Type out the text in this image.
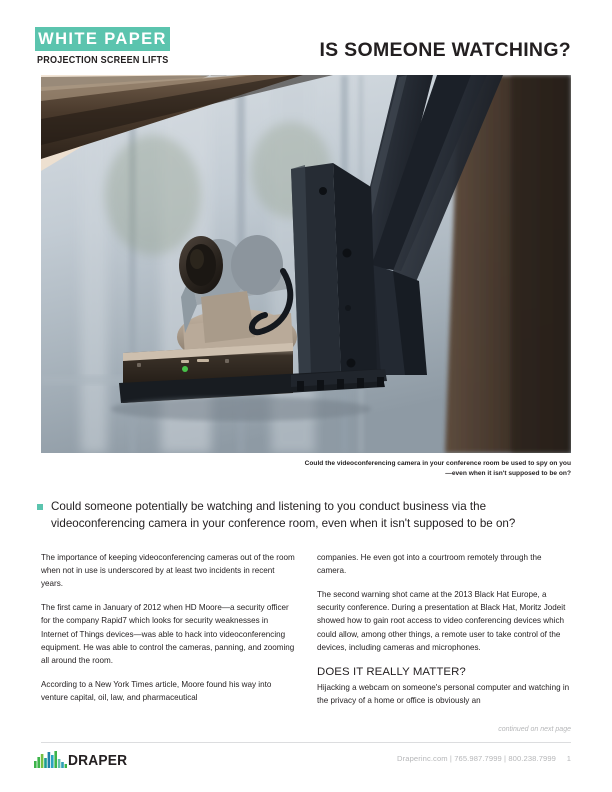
WHITE PAPER
PROJECTION SCREEN LIFTS	IS SOMEONE WATCHING?
Could the videoconferencing camera in your conference room be used to spy on you—even when it isn't supposed to be on?
Could someone potentially be watching and listening to you conduct business via the videoconferencing camera in your conference room, even when it isn't supposed to be on?

The importance of keeping videoconferencing cameras out of the room when not in use is underscored by at least two incidents in recent years.

The first came in January of 2012 when HD Moore—a security officer for the company Rapid7 which looks for security weaknesses in Internet of Things devices—was able to hack into videoconferencing equipment. He was able to control the cameras, panning, and zooming all around the room.

According to a New York Times article, Moore found his way into venture capital, oil, law, and pharmaceutical

companies. He even got into a courtroom remotely through the camera.

The second warning shot came at the 2013 Black Hat Europe, a security conference. During a presentation at Black Hat, Moritz Jodeit showed how to gain root access to video conferencing devices which could allow, among other things, a remote user to take control of the devices, including cameras and microphones.

DOES IT REALLY MATTER?

Hijacking a webcam on someone's personal computer and watching in the privacy of a home or office is obviously an

continued on next page
DRAPER	Draperinc.com | 765.987.7999 | 800.238.7999 1
